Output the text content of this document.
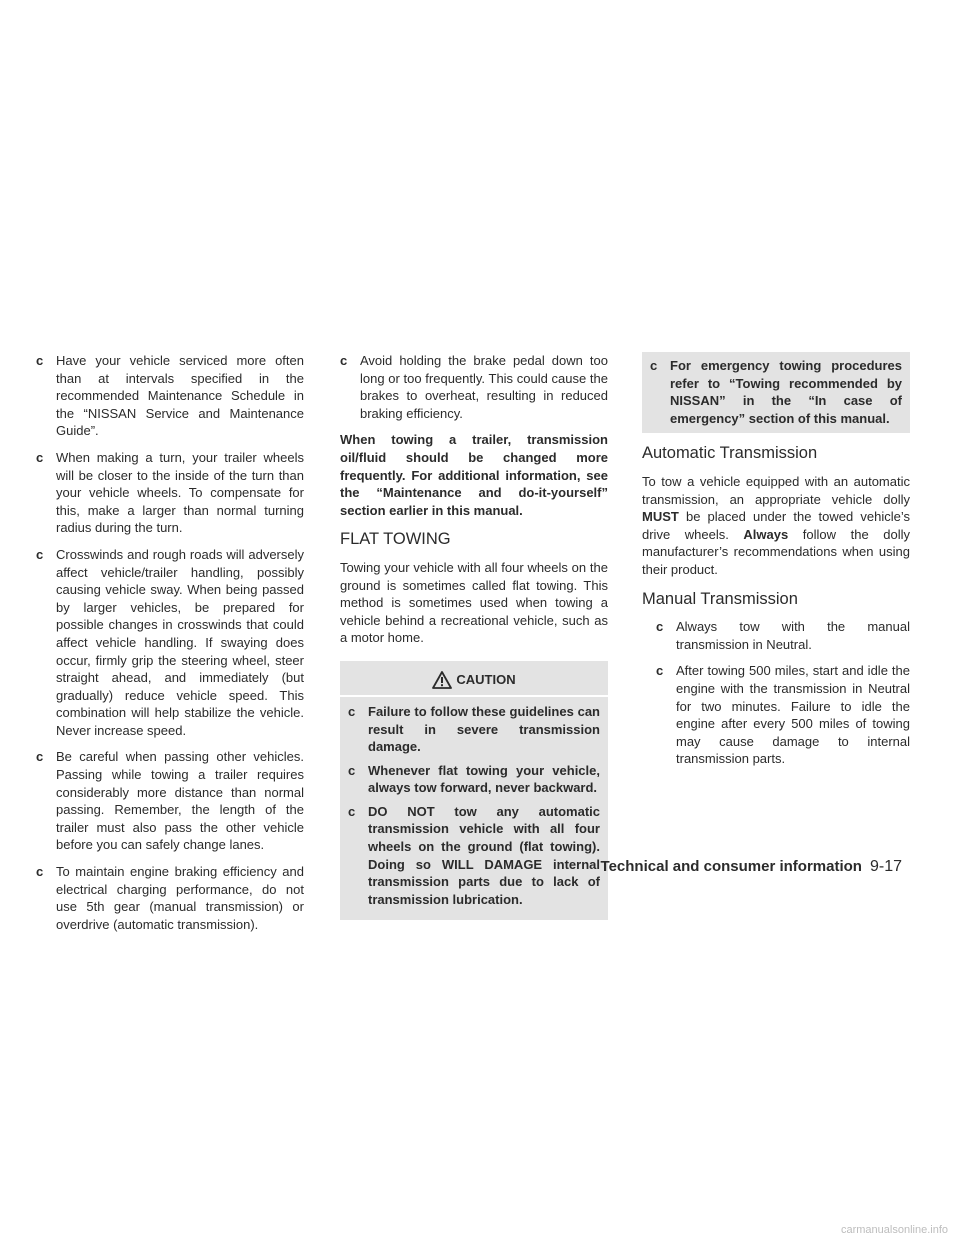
c Have your vehicle serviced more often than at intervals specified in the recommended Maintenance Schedule in the “NISSAN Service and Maintenance Guide”.
c When making a turn, your trailer wheels will be closer to the inside of the turn than your vehicle wheels. To compensate for this, make a larger than normal turning radius during the turn.
c Crosswinds and rough roads will adversely affect vehicle/trailer handling, possibly causing vehicle sway. When being passed by larger vehicles, be prepared for possible changes in crosswinds that could affect vehicle handling. If swaying does occur, firmly grip the steering wheel, steer straight ahead, and immediately (but gradually) reduce vehicle speed. This combination will help stabilize the vehicle. Never increase speed.
c Be careful when passing other vehicles. Passing while towing a trailer requires considerably more distance than normal passing. Remember, the length of the trailer must also pass the other vehicle before you can safely change lanes.
c To maintain engine braking efficiency and electrical charging performance, do not use 5th gear (manual transmission) or overdrive (automatic transmission).
c Avoid holding the brake pedal down too long or too frequently. This could cause the brakes to overheat, resulting in reduced braking efficiency.

When towing a trailer, transmission oil/fluid should be changed more frequently. For additional information, see the “Maintenance and do-it-yourself” section earlier in this manual.

FLAT TOWING

Towing your vehicle with all four wheels on the ground is sometimes called flat towing. This method is sometimes used when towing a vehicle behind a recreational vehicle, such as a motor home.

CAUTION
c Failure to follow these guidelines can result in severe transmission damage.
c Whenever flat towing your vehicle, always tow forward, never backward.
c DO NOT tow any automatic transmission vehicle with all four wheels on the ground (flat towing). Doing so WILL DAMAGE internal transmission parts due to lack of transmission lubrication.
c For emergency towing procedures refer to “Towing recommended by NISSAN” in the “In case of emergency” section of this manual.
Automatic Transmission

To tow a vehicle equipped with an automatic transmission, an appropriate vehicle dolly MUST be placed under the towed vehicle’s drive wheels. Always follow the dolly manufacturer’s recommendations when using their product.

Manual Transmission
c Always tow with the manual transmission in Neutral.
c After towing 500 miles, start and idle the engine with the transmission in Neutral for two minutes. Failure to idle the engine after every 500 miles of towing may cause damage to internal transmission parts.
Technical and consumer information 9-17
carmanualsonline.info
